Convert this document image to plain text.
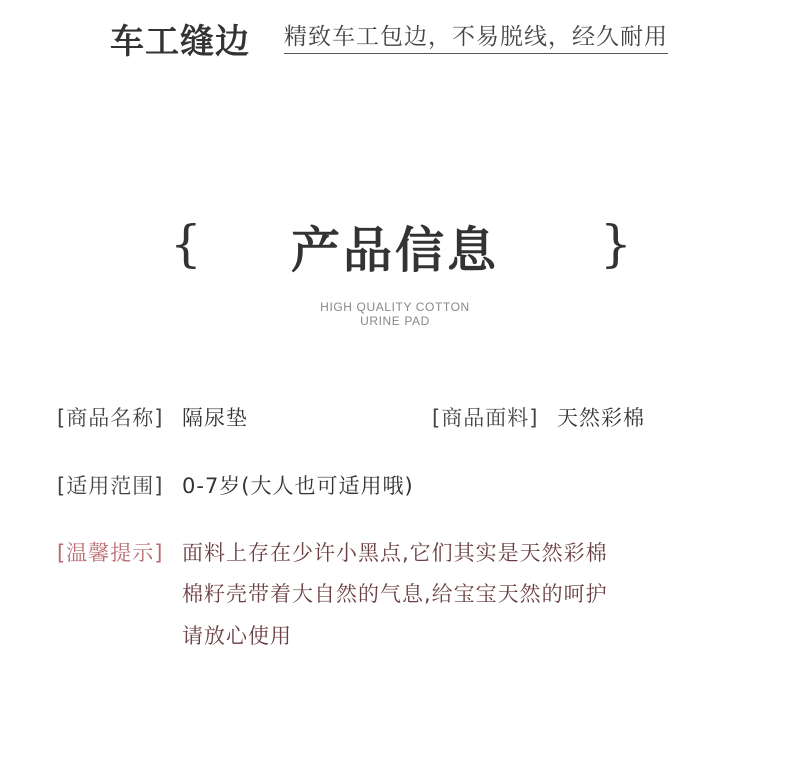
车工缝边 精致车工包边，不易脱线，经久耐用
{	产品信息	}
HIGH QUALITY COTTON
URINE PAD
[商品名称] 隔尿垫	[商品面料] 天然彩棉
[适用范围] 0-7岁(大人也可适用哦)
[温馨提示] 面料上存在少许小黑点,它们其实是天然彩棉
棉籽壳带着大自然的气息,给宝宝天然的呵护
请放心使用
